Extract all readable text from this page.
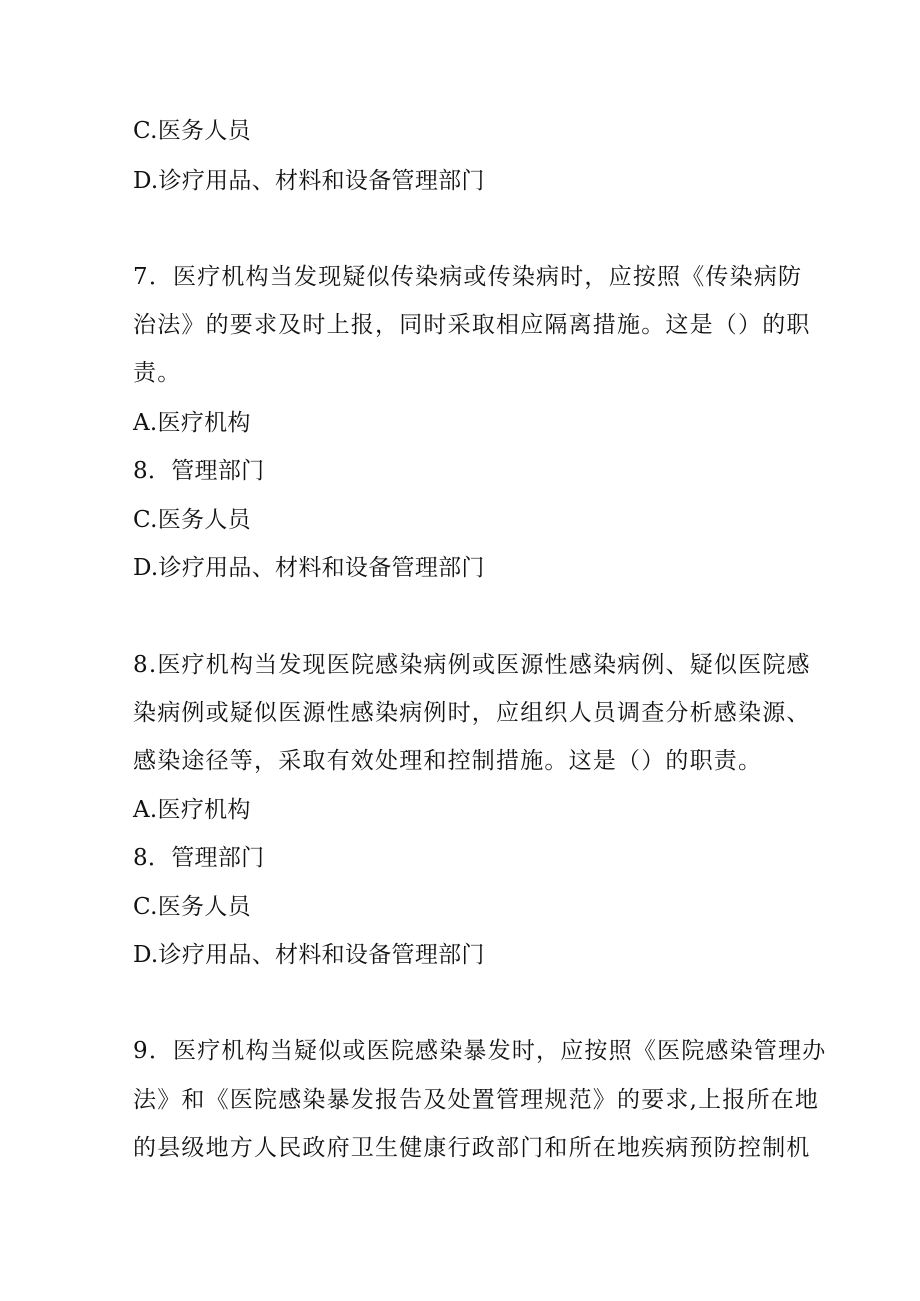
C.医务人员
D.诊疗用品、材料和设备管理部门
7．医疗机构当发现疑似传染病或传染病时，应按照《传染病防
治法》的要求及时上报，同时采取相应隔离措施。这是（）的职
责。
A.医疗机构
8．管理部门
C.医务人员
D.诊疗用品、材料和设备管理部门
8.医疗机构当发现医院感染病例或医源性感染病例、疑似医院感
染病例或疑似医源性感染病例时，应组织人员调查分析感染源、
感染途径等，采取有效处理和控制措施。这是（）的职责。
A.医疗机构
8．管理部门
C.医务人员
D.诊疗用品、材料和设备管理部门
9．医疗机构当疑似或医院感染暴发时，应按照《医院感染管理办
法》和《医院感染暴发报告及处置管理规范》的要求,上报所在地
的县级地方人民政府卫生健康行政部门和所在地疾病预防控制机
